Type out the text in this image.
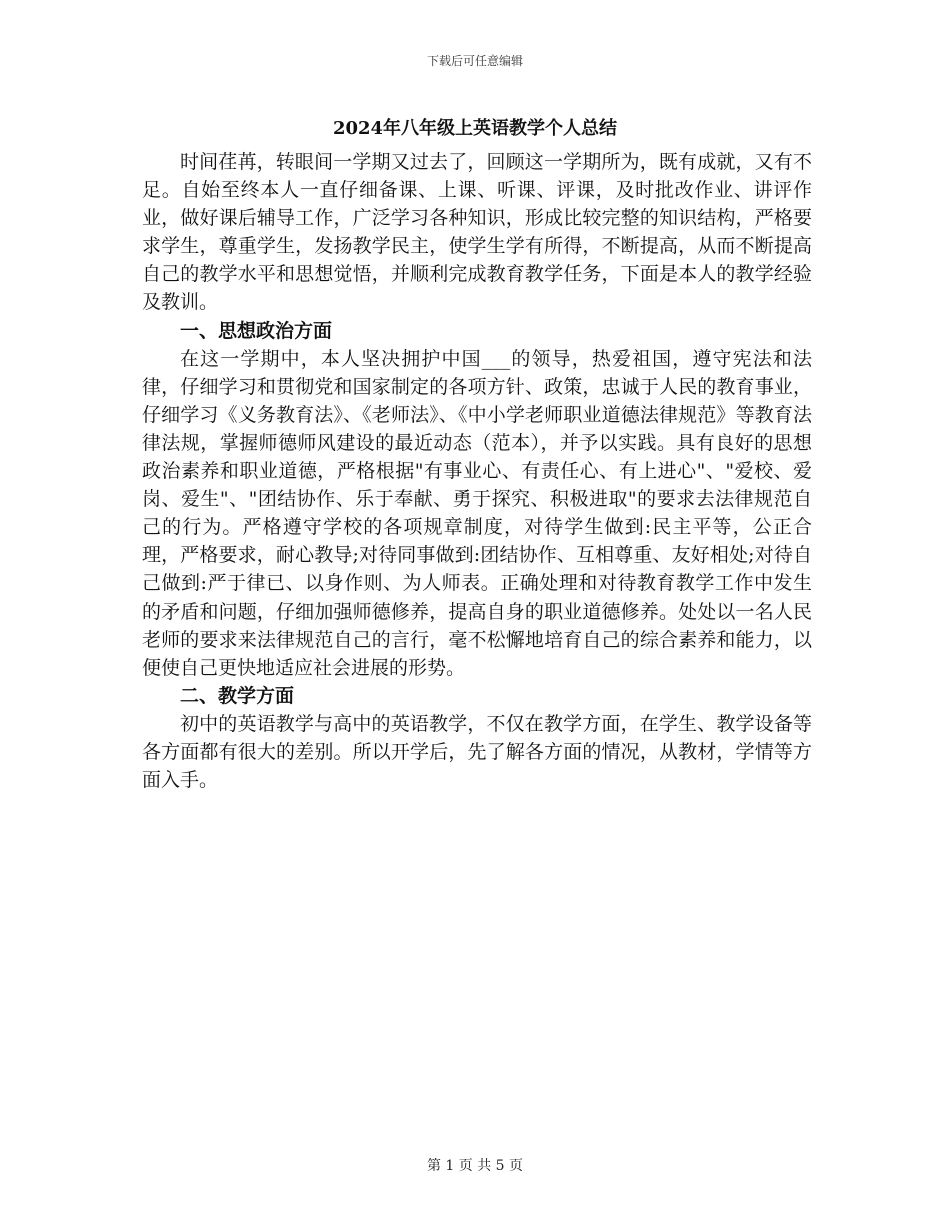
下载后可任意编辑
2024年八年级上英语教学个人总结

时间荏苒，转眼间一学期又过去了，回顾这一学期所为，既有成就，又有不足。自始至终本人一直仔细备课、上课、听课、评课，及时批改作业、讲评作业，做好课后辅导工作，广泛学习各种知识，形成比较完整的知识结构，严格要求学生，尊重学生，发扬教学民主，使学生学有所得，不断提高，从而不断提高自己的教学水平和思想觉悟，并顺利完成教育教学任务，下面是本人的教学经验及教训。

一、思想政治方面

在这一学期中，本人坚决拥护中国___的领导，热爱祖国，遵守宪法和法律，仔细学习和贯彻党和国家制定的各项方针、政策，忠诚于人民的教育事业，仔细学习《义务教育法》、《老师法》、《中小学老师职业道德法律规范》等教育法律法规，掌握师德师风建设的最近动态（范本），并予以实践。具有良好的思想政治素养和职业道德，严格根据"有事业心、有责任心、有上进心"、"爱校、爱岗、爱生"、"团结协作、乐于奉献、勇于探究、积极进取"的要求去法律规范自己的行为。严格遵守学校的各项规章制度，对待学生做到:民主平等，公正合理，严格要求，耐心教导;对待同事做到:团结协作、互相尊重、友好相处;对待自己做到:严于律已、以身作则、为人师表。正确处理和对待教育教学工作中发生的矛盾和问题，仔细加强师德修养，提高自身的职业道德修养。处处以一名人民老师的要求来法律规范自己的言行，毫不松懈地培育自己的综合素养和能力，以便使自己更快地适应社会进展的形势。

二、教学方面

初中的英语教学与高中的英语教学，不仅在教学方面，在学生、教学设备等各方面都有很大的差别。所以开学后，先了解各方面的情况，从教材，学情等方面入手。

第 1 页 共 5 页
